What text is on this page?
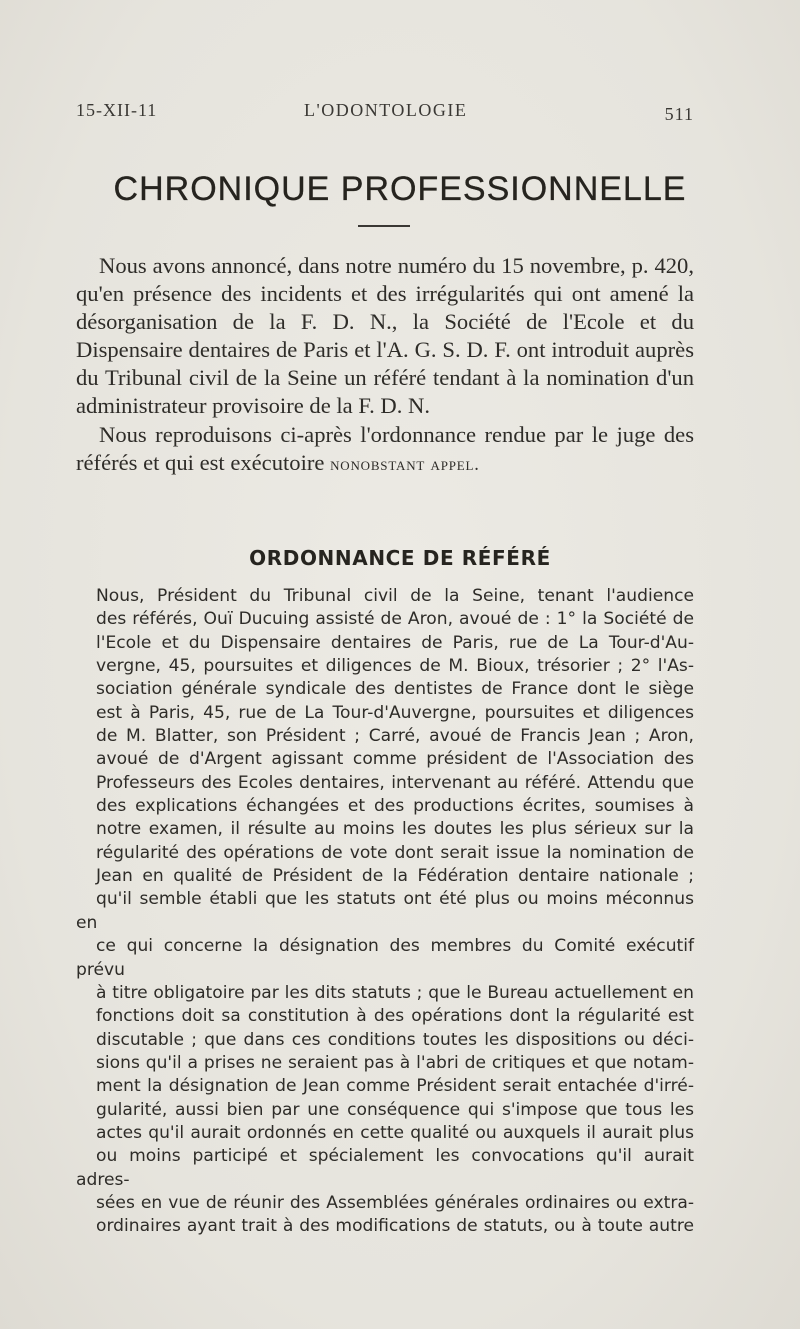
15-XII-11	L'ODONTOLOGIE	511
CHRONIQUE PROFESSIONNELLE

Nous avons annoncé, dans notre numéro du 15 novembre, p. 420, qu'en présence des incidents et des irrégularités qui ont amené la désorganisation de la F. D. N., la Société de l'Ecole et du Dispensaire dentaires de Paris et l'A. G. S. D. F. ont introduit auprès du Tribunal civil de la Seine un référé tendant à la nomination d'un administrateur provisoire de la F. D. N.

Nous reproduisons ci-après l'ordonnance rendue par le juge des référés et qui est exécutoire nonobstant appel.

ORDONNANCE DE RÉFÉRÉ

Nous, Président du Tribunal civil de la Seine, tenant l'audience
des référés, Ouï Ducuing assisté de Aron, avoué de : 1° la Société de
l'Ecole et du Dispensaire dentaires de Paris, rue de La Tour-d'Au-
vergne, 45, poursuites et diligences de M. Bioux, trésorier ; 2° l'As-
sociation générale syndicale des dentistes de France dont le siège
est à Paris, 45, rue de La Tour-d'Auvergne, poursuites et diligences
de M. Blatter, son Président ; Carré, avoué de Francis Jean ; Aron,
avoué de d'Argent agissant comme président de l'Association des
Professeurs des Ecoles dentaires, intervenant au référé. Attendu que
des explications échangées et des productions écrites, soumises à
notre examen, il résulte au moins les doutes les plus sérieux sur la
régularité des opérations de vote dont serait issue la nomination de
Jean en qualité de Président de la Fédération dentaire nationale ;
qu'il semble établi que les statuts ont été plus ou moins méconnus en
ce qui concerne la désignation des membres du Comité exécutif prévu
à titre obligatoire par les dits statuts ; que le Bureau actuellement en
fonctions doit sa constitution à des opérations dont la régularité est
discutable ; que dans ces conditions toutes les dispositions ou déci-
sions qu'il a prises ne seraient pas à l'abri de critiques et que notam-
ment la désignation de Jean comme Président serait entachée d'irré-
gularité, aussi bien par une conséquence qui s'impose que tous les
actes qu'il aurait ordonnés en cette qualité ou auxquels il aurait plus
ou moins participé et spécialement les convocations qu'il aurait adres-
sées en vue de réunir des Assemblées générales ordinaires ou extra-
ordinaires ayant trait à des modifications de statuts, ou à toute autre
